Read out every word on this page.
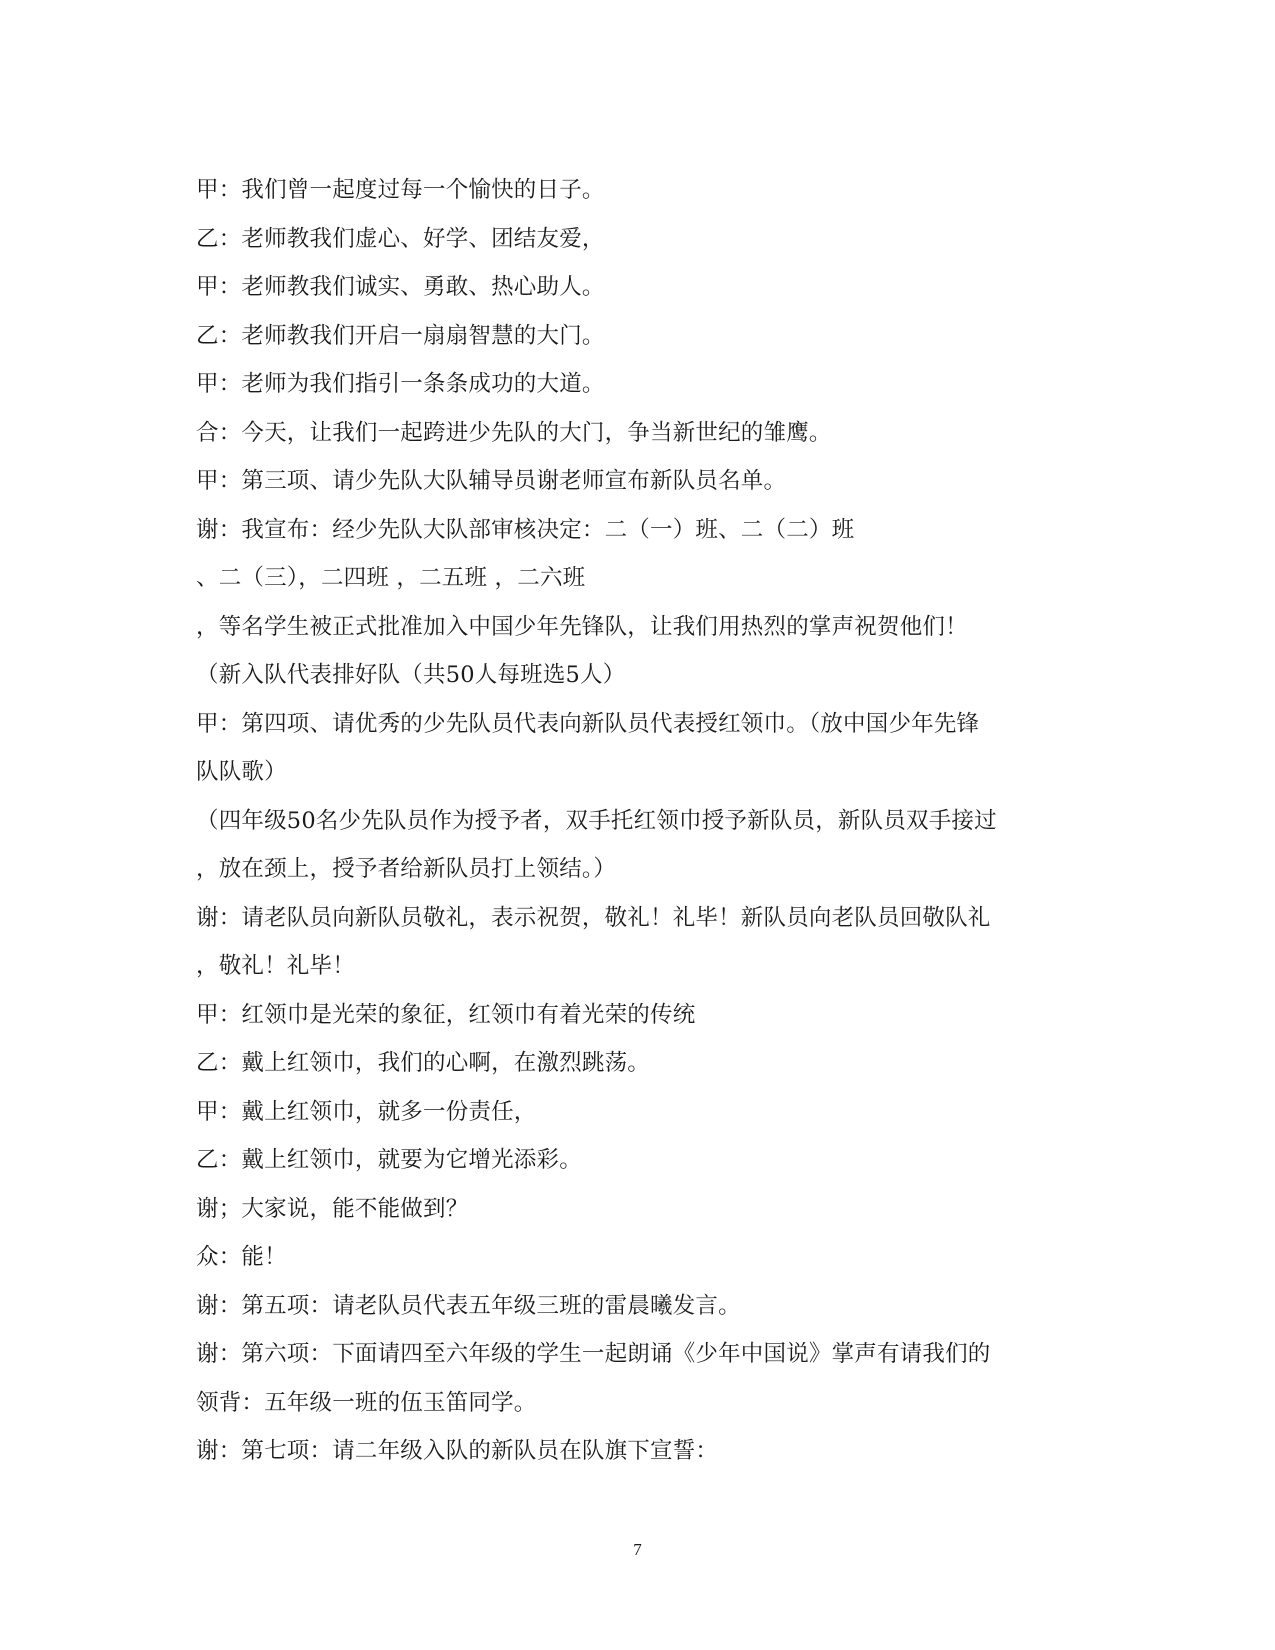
甲：我们曾一起度过每一个愉快的日子。
乙：老师教我们虚心、好学、团结友爱，
甲：老师教我们诚实、勇敢、热心助人。
乙：老师教我们开启一扇扇智慧的大门。
甲：老师为我们指引一条条成功的大道。
合：今天，让我们一起跨进少先队的大门，争当新世纪的雏鹰。
甲：第三项、请少先队大队辅导员谢老师宣布新队员名单。
谢：我宣布：经少先队大队部审核决定：二（一）班、二（二）班
、二（三），二四班 ，二五班 ，二六班
，等名学生被正式批准加入中国少年先锋队，让我们用热烈的掌声祝贺他们！
（新入队代表排好队（共50人每班选5人）
甲：第四项、请优秀的少先队员代表向新队员代表授红领巾。（放中国少年先锋
队队歌）
（四年级50名少先队员作为授予者，双手托红领巾授予新队员，新队员双手接过
，放在颈上，授予者给新队员打上领结。）
谢：请老队员向新队员敬礼，表示祝贺，敬礼！礼毕！新队员向老队员回敬队礼
，敬礼！礼毕！
甲：红领巾是光荣的象征，红领巾有着光荣的传统
乙：戴上红领巾，我们的心啊，在激烈跳荡。
甲：戴上红领巾，就多一份责任，
乙：戴上红领巾，就要为它增光添彩。
谢；大家说，能不能做到？
众：能！
谢：第五项：请老队员代表五年级三班的雷晨曦发言。
谢：第六项：下面请四至六年级的学生一起朗诵《少年中国说》掌声有请我们的
领背：五年级一班的伍玉笛同学。
谢：第七项：请二年级入队的新队员在队旗下宣誓：
7
